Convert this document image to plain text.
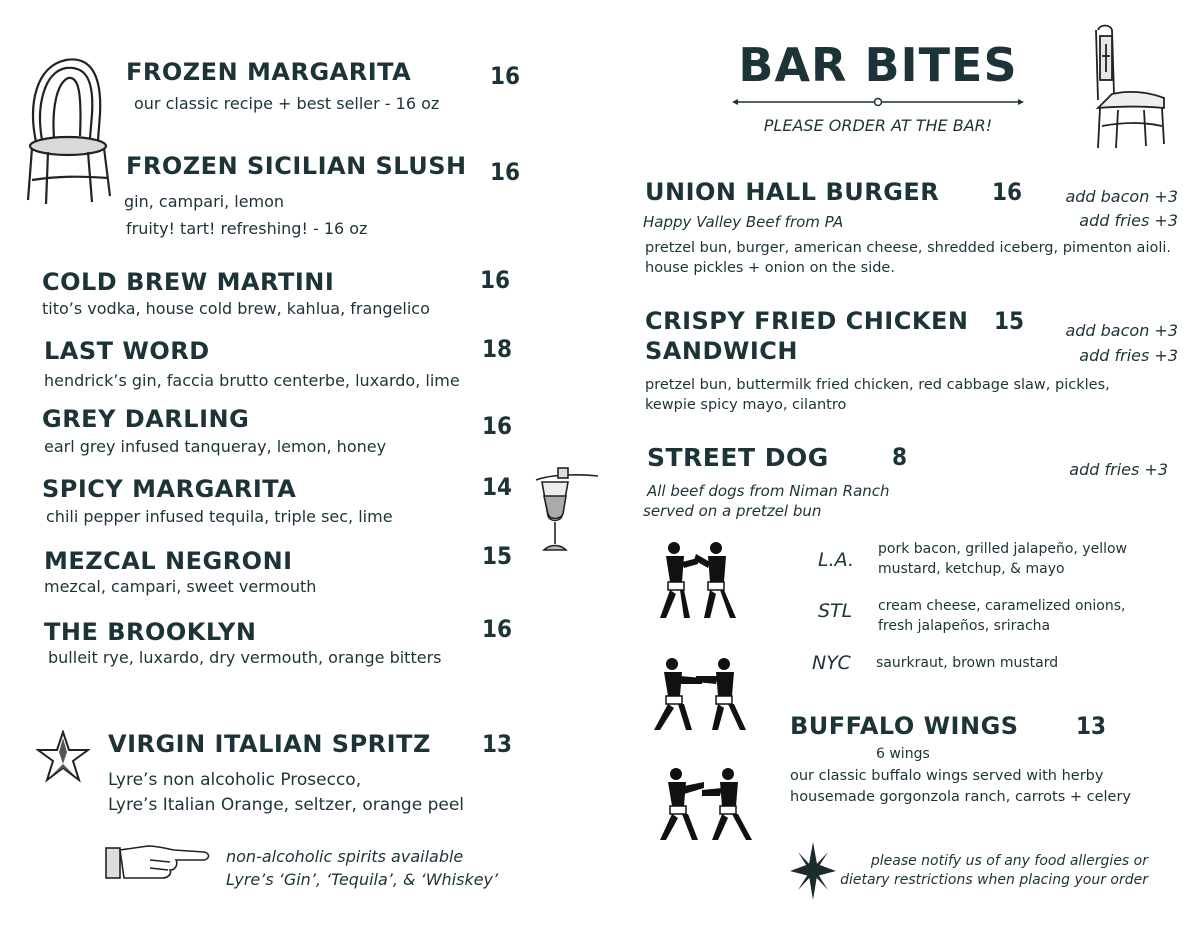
FROZEN MARGARITA	16
our classic recipe + best seller - 16 oz
FROZEN SICILIAN SLUSH 16
gin, campari, lemon
fruity! tart! refreshing! - 16 oz
COLD BREW MARTINI	16
tito’s vodka, house cold brew, kahlua, frangelico
LAST WORD	18
hendrick’s gin, faccia brutto centerbe, luxardo, lime
GREY DARLING	16
earl grey infused tanqueray, lemon, honey
SPICY MARGARITA	14
chili pepper infused tequila, triple sec, lime
MEZCAL NEGRONI	15
mezcal, campari, sweet vermouth
THE BROOKLYN	16
bulleit rye, luxardo, dry vermouth, orange bitters
VIRGIN ITALIAN SPRITZ 13
Lyre’s non alcoholic Prosecco,
Lyre’s Italian Orange, seltzer, orange peel
non-alcoholic spirits available
Lyre’s ‘Gin’, ‘Tequila’, & ‘Whiskey’
BAR BITES
PLEASE ORDER AT THE BAR!
UNION HALL BURGER 16	add bacon +3
add fries +3
Happy Valley Beef from PA
pretzel bun, burger, american cheese, shredded iceberg, pimenton aioli.
house pickles + onion on the side.
CRISPY FRIED CHICKEN
SANDWICH
15	add bacon +3
add fries +3
pretzel bun, buttermilk fried chicken, red cabbage slaw, pickles,
kewpie spicy mayo, cilantro
STREET DOG	8	add fries +3
All beef dogs from Niman Ranch
served on a pretzel bun
L.A. pork bacon, grilled jalapeño, yellow
mustard, ketchup, & mayo
STL cream cheese, caramelized onions,
fresh jalapeños, sriracha
NYC saurkraut, brown mustard
BUFFALO WINGS 13
6 wings
our classic buffalo wings served with herby
housemade gorgonzola ranch, carrots + celery
please notify us of any food allergies or
dietary restrictions when placing your order
